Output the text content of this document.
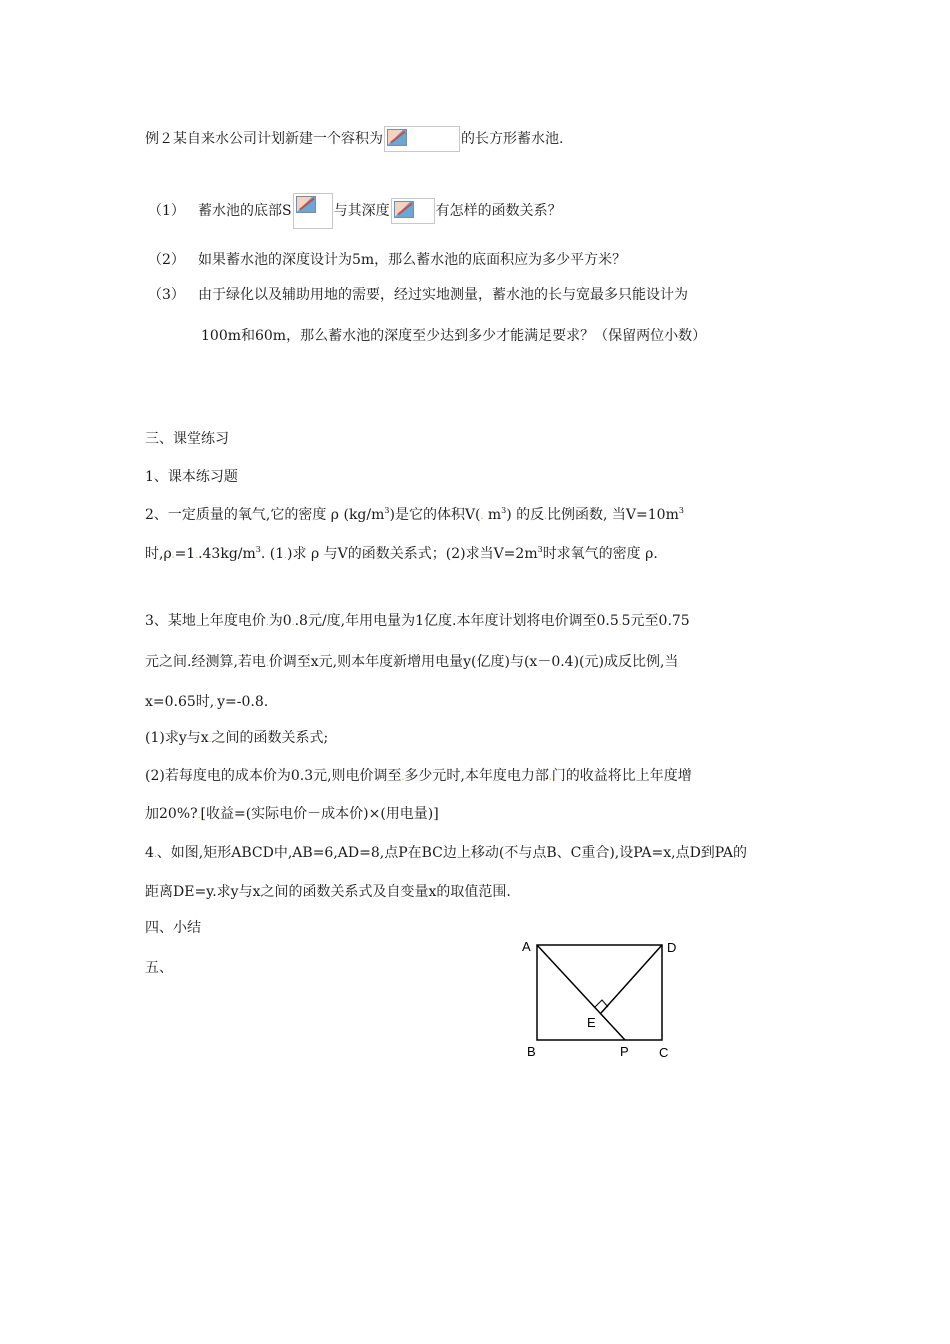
例２某自来水公司计划新建一个容积为	的长方形蓄水池.
（1） 蓄水池的底部S	与其深度	有怎样的函数关系？
（2） 如果蓄水池的深度设计为5m，那么蓄水池的底面积应为多少平方米？
（3） 由于绿化以及辅助用地的需要，经过实地测量，蓄水池的长与宽最多只能设计为
100m和60m，那么蓄水池的深度至少达到多少才能满足要求？（保留两位小数）
三、课堂练习
1、课本练习题
2、一定质量的氧气,它的密度 ρ $(kg/m^3)$是它的体积V(. $m^3$) 的反.比例函数, 当$V=10m^3$
时$,\rho.=1..43kg/m^3$. (1.)求 ρ 与V的函数关系式；(2)求当$V=2m^3$时求氧气的密度 ρ.
3、某地上年度电价.为0..8元/度,年用电量为1亿度.本年度计划将电价调至0.5.5元至0.75
元之间.经测算,若电.价调至x元,则本年度新增用电量y(亿度)与(x－0.4)(元)成反比例,当
x=0.65时,.y=-0.8.
(1)求y与x.之间的函数关系式;
(2)若每度电的成本价为0.3元,则电价调至.多少元时,本年度电力部.门的收益将比上年度增
加20%?.[收益=(实际电价－成本价)×(用电量)]
4.、如图,矩形ABCD中,AB=6,AD=8,点P在BC边上移动(不与点B、C重合),设PA=x,点D到PA的
距离DE=y.求y与x之间的函数关系式及自变量x的取值范围.
四、小结
五、
A	D
E
B	P C
